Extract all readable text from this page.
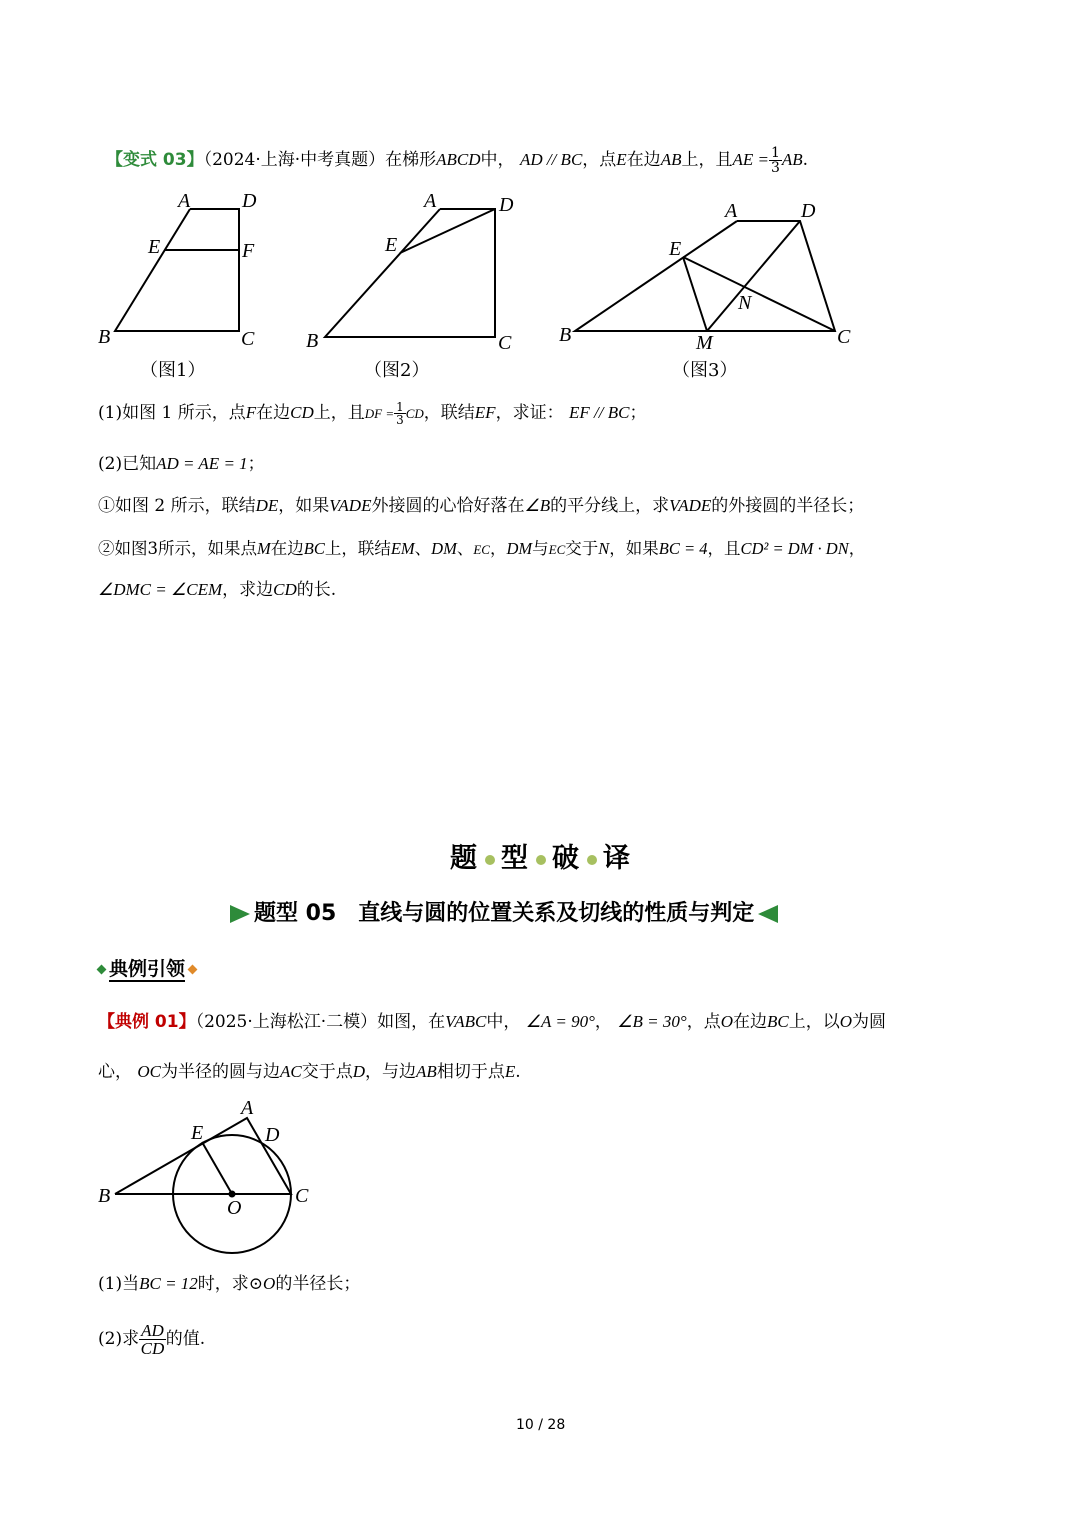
【变式 03】（2024·上海·中考真题）在梯形ABCD中， AD // BC，点E在边AB上，且AE = $\frac{1}{3}$ AB.
A	D
E	F
B	C
（图1）
A	D
E
B	C
（图2）
A	D
E
N
B	M	C
（图3）
(1)如图 1 所示，点F在边CD上，且DF = $\frac{1}{3}$ CD，联结EF，求证： EF // BC；
(2)已知AD = AE = 1；
①如图 2 所示，联结DE，如果VADE外接圆的心恰好落在∠B的平分线上，求VADE的外接圆的半径长；
②如图3所示，如果点M在边BC上，联结EM、DM、EC，DM与EC交于N，如果BC = 4，且CD² = DM · DN，
∠DMC = ∠CEM，求边CD的长.
题 型 破 译
题型 05　直线与圆的位置关系及切线的性质与判定
典例引领
【典例 01】（2025·上海松江·二模）如图，在VABC中， ∠A = 90°， ∠B = 30°，点O在边BC上，以O为圆
心， OC为半径的圆与边AC交于点D，与边AB相切于点E.
A
E	D
B
O
C
(1)当BC = 12时，求⊙O的半径长；
(2)求 $\frac{AD}{CD}$ 的值.
10 / 28
